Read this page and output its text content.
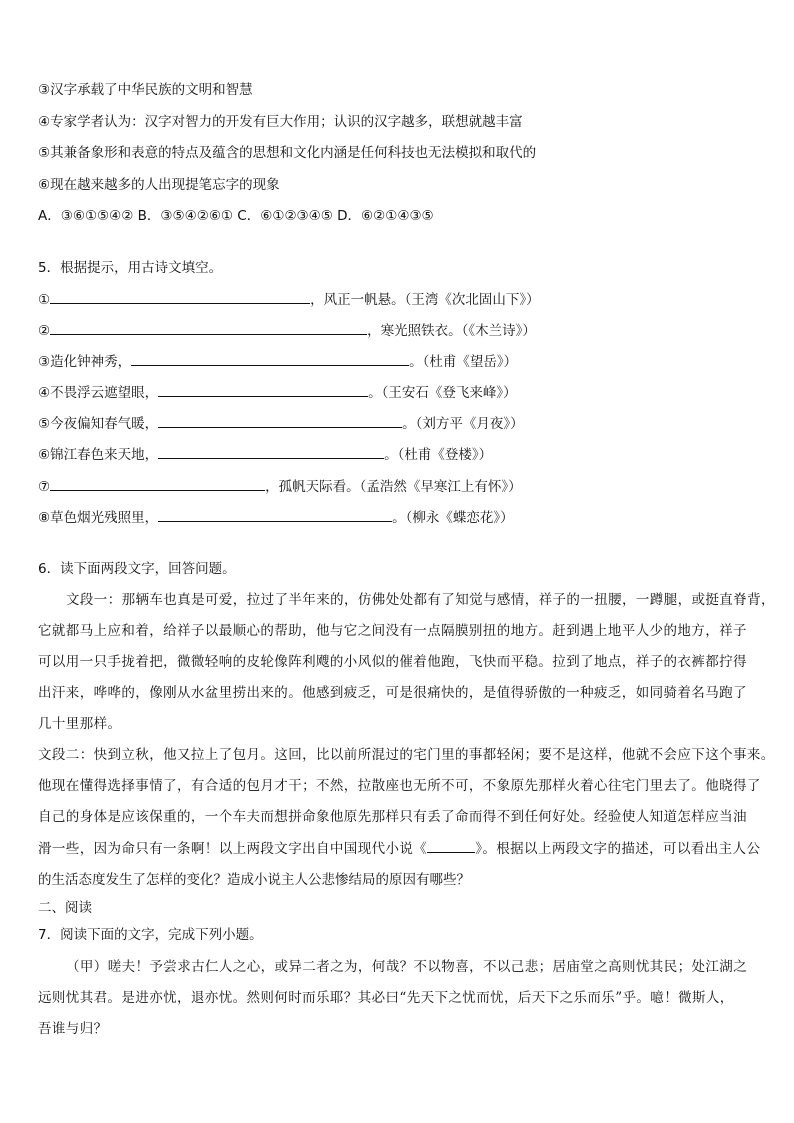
③汉字承载了中华民族的文明和智慧
④专家学者认为：汉字对智力的开发有巨大作用；认识的汉字越多，联想就越丰富
⑤其兼备象形和表意的特点及蕴含的思想和文化内涵是任何科技也无法模拟和取代的
⑥现在越来越多的人出现提笔忘字的现象
A．③⑥①⑤④② B．③⑤④②⑥① C．⑥①②③④⑤ D．⑥②①④③⑤
5．根据提示，用古诗文填空。
①	，风正一帆悬。（王湾《次北固山下》）
②	，寒光照铁衣。（《木兰诗》）
③造化钟神秀，	。（杜甫《望岳》）
④不畏浮云遮望眼，	。（王安石《登飞来峰》）
⑤今夜偏知春气暖，	。（刘方平《月夜》）
⑥锦江春色来天地，	。（杜甫《登楼》）
⑦	，孤帆天际看。（孟浩然《早寒江上有怀》）
⑧草色烟光残照里，	。（柳永《蝶恋花》）
6．读下面两段文字，回答问题。
文段一：那辆车也真是可爱，拉过了半年来的，仿佛处处都有了知觉与感情，祥子的一扭腰，一蹲腿，或挺直脊背，
它就都马上应和着，给祥子以最顺心的帮助，他与它之间没有一点隔膜别扭的地方。赶到遇上地平人少的地方，祥子
可以用一只手拢着把，微微轻响的皮轮像阵利飕的小风似的催着他跑，飞快而平稳。拉到了地点，祥子的衣裤都拧得
出汗来，哗哗的，像刚从水盆里捞出来的。他感到疲乏，可是很痛快的，是值得骄傲的一种疲乏，如同骑着名马跑了
几十里那样。
文段二：快到立秋，他又拉上了包月。这回，比以前所混过的宅门里的事都轻闲；要不是这样，他就不会应下这个事来。
他现在懂得选择事情了，有合适的包月才干；不然，拉散座也无所不可，不象原先那样火着心往宅门里去了。他晓得了
自己的身体是应该保重的，一个车夫而想拼命象他原先那样只有丢了命而得不到任何好处。经验使人知道怎样应当油
滑一些，因为命只有一条啊！以上两段文字出自中国现代小说《	》。根据以上两段文字的描述，可以看出主人公
的生活态度发生了怎样的变化？造成小说主人公悲惨结局的原因有哪些？
二、阅读
7．阅读下面的文字，完成下列小题。
（甲）嗟夫！予尝求古仁人之心，或异二者之为，何哉？不以物喜，不以己悲；居庙堂之高则忧其民；处江湖之
远则忧其君。是进亦忧，退亦忧。然则何时而乐耶？其必曰“先天下之忧而忧，后天下之乐而乐”乎。噫！微斯人，
吾谁与归？
